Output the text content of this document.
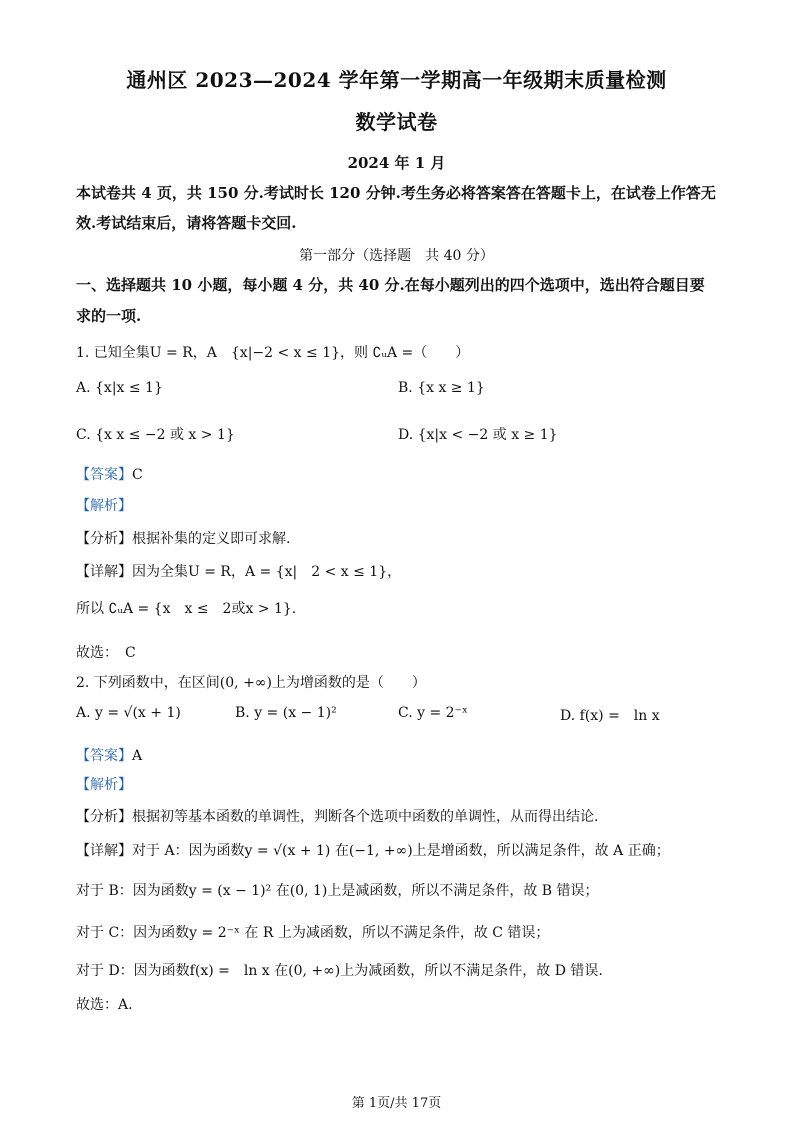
通州区 2023—2024 学年第一学期高一年级期末质量检测
数学试卷
2024 年 1 月
本试卷共 4 页，共 150 分.考试时长 120 分钟.考生务必将答案答在答题卡上，在试卷上作答无
效.考试结束后，请将答题卡交回.
第一部分（选择题　共 40 分）
一、选择题共 10 小题，每小题 4 分，共 40 分.在每小题列出的四个选项中，选出符合题目要
求的一项.
1. 已知全集U = R，A　{x|−2 < x ≤ 1}，则 ∁ᵤA =（　　）
A. {x|x ≤ 1}	B. {x x ≥ 1}
C. {x x ≤ −2 或 x > 1}	D. {x|x < −2 或 x ≥ 1}
【答案】C
【解析】
【分析】根据补集的定义即可求解.
【详解】因为全集U = R，A = {x|　2 < x ≤ 1}，
所以 ∁ᵤA = {x　x ≤　2或x > 1}.
故选：　C
2. 下列函数中，在区间(0, +∞)上为增函数的是（　　）
A. y = √(x + 1)	B. y = (x − 1)²	C. y = 2⁻ˣ	D. f(x) =　ln x
【答案】A
【解析】
【分析】根据初等基本函数的单调性，判断各个选项中函数的单调性，从而得出结论.
【详解】对于 A：因为函数y = √(x + 1) 在(−1, +∞)上是增函数，所以满足条件，故 A 正确；
对于 B：因为函数y = (x − 1)² 在(0, 1)上是减函数，所以不满足条件，故 B 错误；
对于 C：因为函数y = 2⁻ˣ 在 R 上为减函数，所以不满足条件，故 C 错误；
对于 D：因为函数f(x) =　ln x 在(0, +∞)上为减函数，所以不满足条件，故 D 错误.
故选：A.
第 1页/共 17页
